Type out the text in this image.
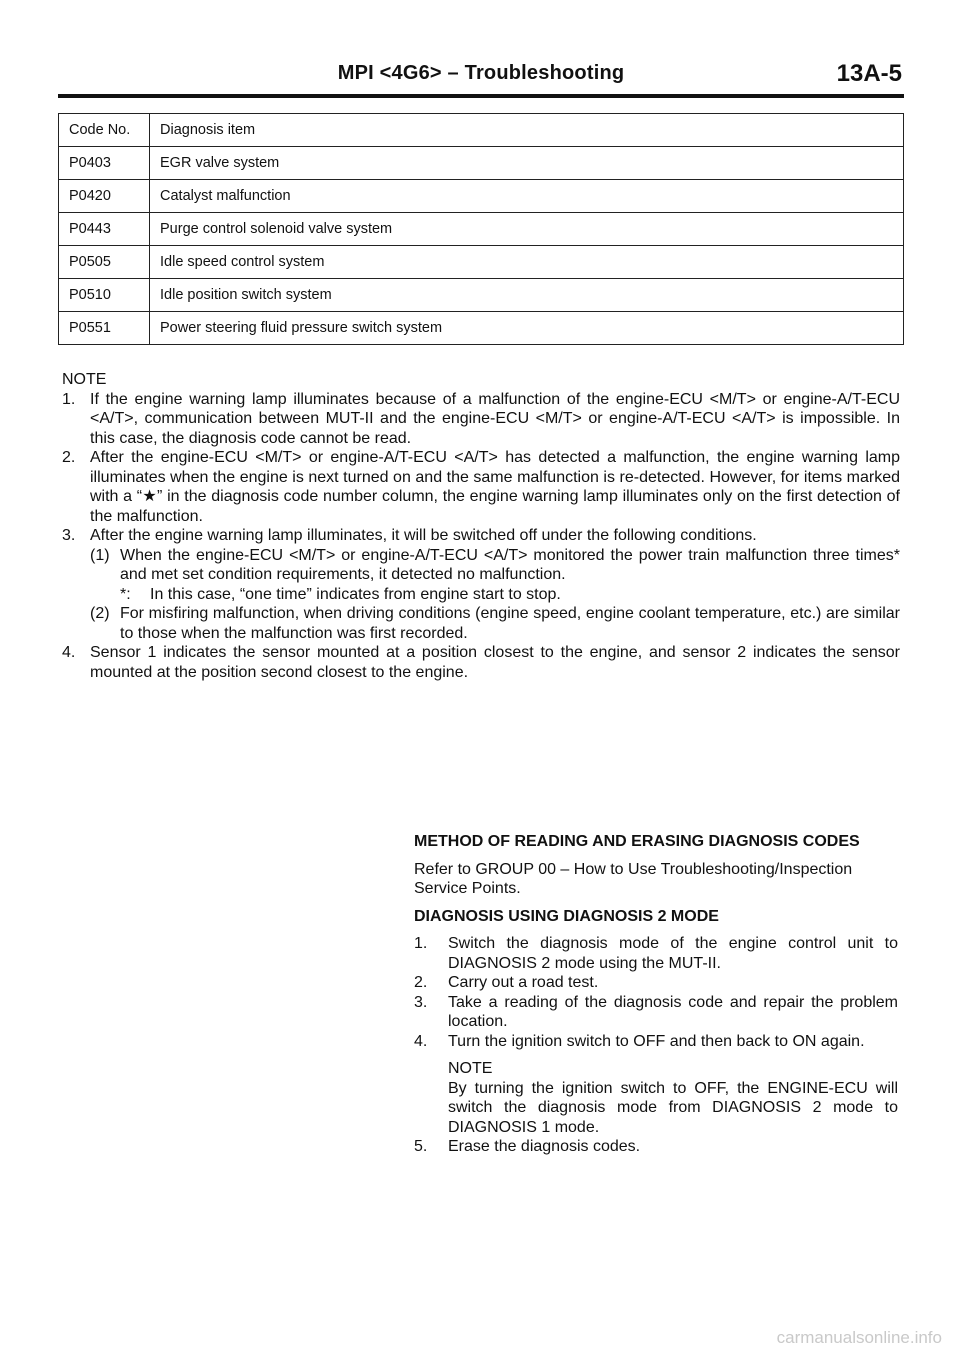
MPI <4G6> – Troubleshooting	13A-5
Code No.	Diagnosis item
P0403	EGR valve system
P0420	Catalyst malfunction
P0443	Purge control solenoid valve system
P0505	Idle speed control system
P0510	Idle position switch system
P0551	Power steering fluid pressure switch system
NOTE
1. If the engine warning lamp illuminates because of a malfunction of the engine-ECU <M/T> or engine-A/T-ECU <A/T>, communication between MUT-II and the engine-ECU <M/T> or engine-A/T-ECU <A/T> is impossible. In this case, the diagnosis code cannot be read.
2. After the engine-ECU <M/T> or engine-A/T-ECU <A/T> has detected a malfunction, the engine warning lamp illuminates when the engine is next turned on and the same malfunction is re-detected. However, for items marked with a “★” in the diagnosis code number column, the engine warning lamp illuminates only on the first detection of the malfunction.
3. After the engine warning lamp illuminates, it will be switched off under the following conditions.
(1) When the engine-ECU <M/T> or engine-A/T-ECU <A/T> monitored the power train malfunction three times* and met set condition requirements, it detected no malfunction.
*:	In this case, “one time” indicates from engine start to stop.
(2) For misfiring malfunction, when driving conditions (engine speed, engine coolant temperature, etc.) are similar to those when the malfunction was first recorded.
4. Sensor 1 indicates the sensor mounted at a position closest to the engine, and sensor 2 indicates the sensor mounted at the position second closest to the engine.
METHOD OF READING AND ERASING DIAGNOSIS CODES
Refer to GROUP 00 – How to Use Troubleshooting/Inspection Service Points.
DIAGNOSIS USING DIAGNOSIS 2 MODE
1.	Switch the diagnosis mode of the engine control unit to DIAGNOSIS 2 mode using the MUT-II.
2.	Carry out a road test.
3.	Take a reading of the diagnosis code and repair the problem location.
4.	Turn the ignition switch to OFF and then back to ON again.
NOTE
By turning the ignition switch to OFF, the ENGINE-ECU will switch the diagnosis mode from DIAGNOSIS 2 mode to DIAGNOSIS 1 mode.
5.	Erase the diagnosis codes.
carmanualsonline.info
